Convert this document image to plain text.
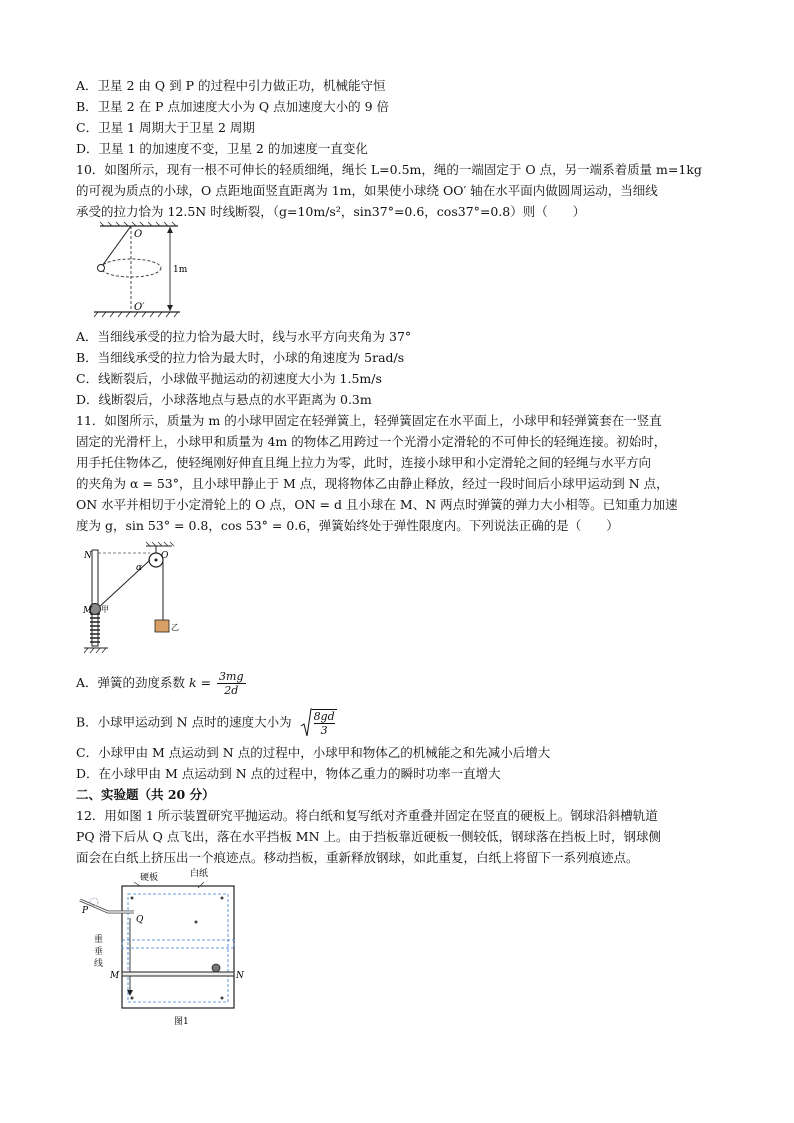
A．卫星 2 由 Q 到 P 的过程中引力做正功，机械能守恒
B．卫星 2 在 P 点加速度大小为 Q 点加速度大小的 9 倍
C．卫星 1 周期大于卫星 2 周期
D．卫星 1 的加速度不变，卫星 2 的加速度一直变化
10．如图所示，现有一根不可伸长的轻质细绳，绳长 L=0.5m，绳的一端固定于 O 点，另一端系着质量 m=1kg
的可视为质点的小球，O 点距地面竖直距离为 1m，如果使小球绕 OO′ 轴在水平面内做圆周运动，当细线
承受的拉力恰为 12.5N 时线断裂，（g=10m/s²，sin37°=0.6，cos37°=0.8）则（　　）
O
O′
1m
A．当细线承受的拉力恰为最大时，线与水平方向夹角为 37°
B．当细线承受的拉力恰为最大时，小球的角速度为 5rad/s
C．线断裂后，小球做平抛运动的初速度大小为 1.5m/s
D．线断裂后，小球落地点与悬点的水平距离为 0.3m
11．如图所示，质量为 m 的小球甲固定在轻弹簧上，轻弹簧固定在水平面上，小球甲和轻弹簧套在一竖直
固定的光滑杆上，小球甲和质量为 4m 的物体乙用跨过一个光滑小定滑轮的不可伸长的轻绳连接。初始时，
用手托住物体乙，使轻绳刚好伸直且绳上拉力为零，此时，连接小球甲和小定滑轮之间的轻绳与水平方向
的夹角为 α = 53°，且小球甲静止于 M 点，现将物体乙由静止释放，经过一段时间后小球甲运动到 N 点，
ON 水平并相切于小定滑轮上的 O 点，ON = d 且小球在 M、N 两点时弹簧的弹力大小相等。已知重力加速
度为 g，sin 53° = 0.8，cos 53° = 0.6，弹簧始终处于弹性限度内。下列说法正确的是（　　）
N	O
α
M 甲
乙
A．弹簧的劲度系数 $k = \frac{3mg}{2d}$
B．小球甲运动到 N 点时的速度大小为 $\frac{8gd}{3}$
C．小球甲由 M 点运动到 N 点的过程中，小球甲和物体乙的机械能之和先减小后增大
D．在小球甲由 M 点运动到 N 点的过程中，物体乙重力的瞬时功率一直增大
二、实验题（共 20 分）
12．用如图 1 所示装置研究平抛运动。将白纸和复写纸对齐重叠并固定在竖直的硬板上。钢球沿斜槽轨道
PQ 滑下后从 Q 点飞出，落在水平挡板 MN 上。由于挡板靠近硬板一侧较低，钢球落在挡板上时，钢球侧
面会在白纸上挤压出一个痕迹点。移动挡板，重新释放钢球，如此重复，白纸上将留下一系列痕迹点。
硬板	白纸
P
Q
M	N
图1
重垂线
